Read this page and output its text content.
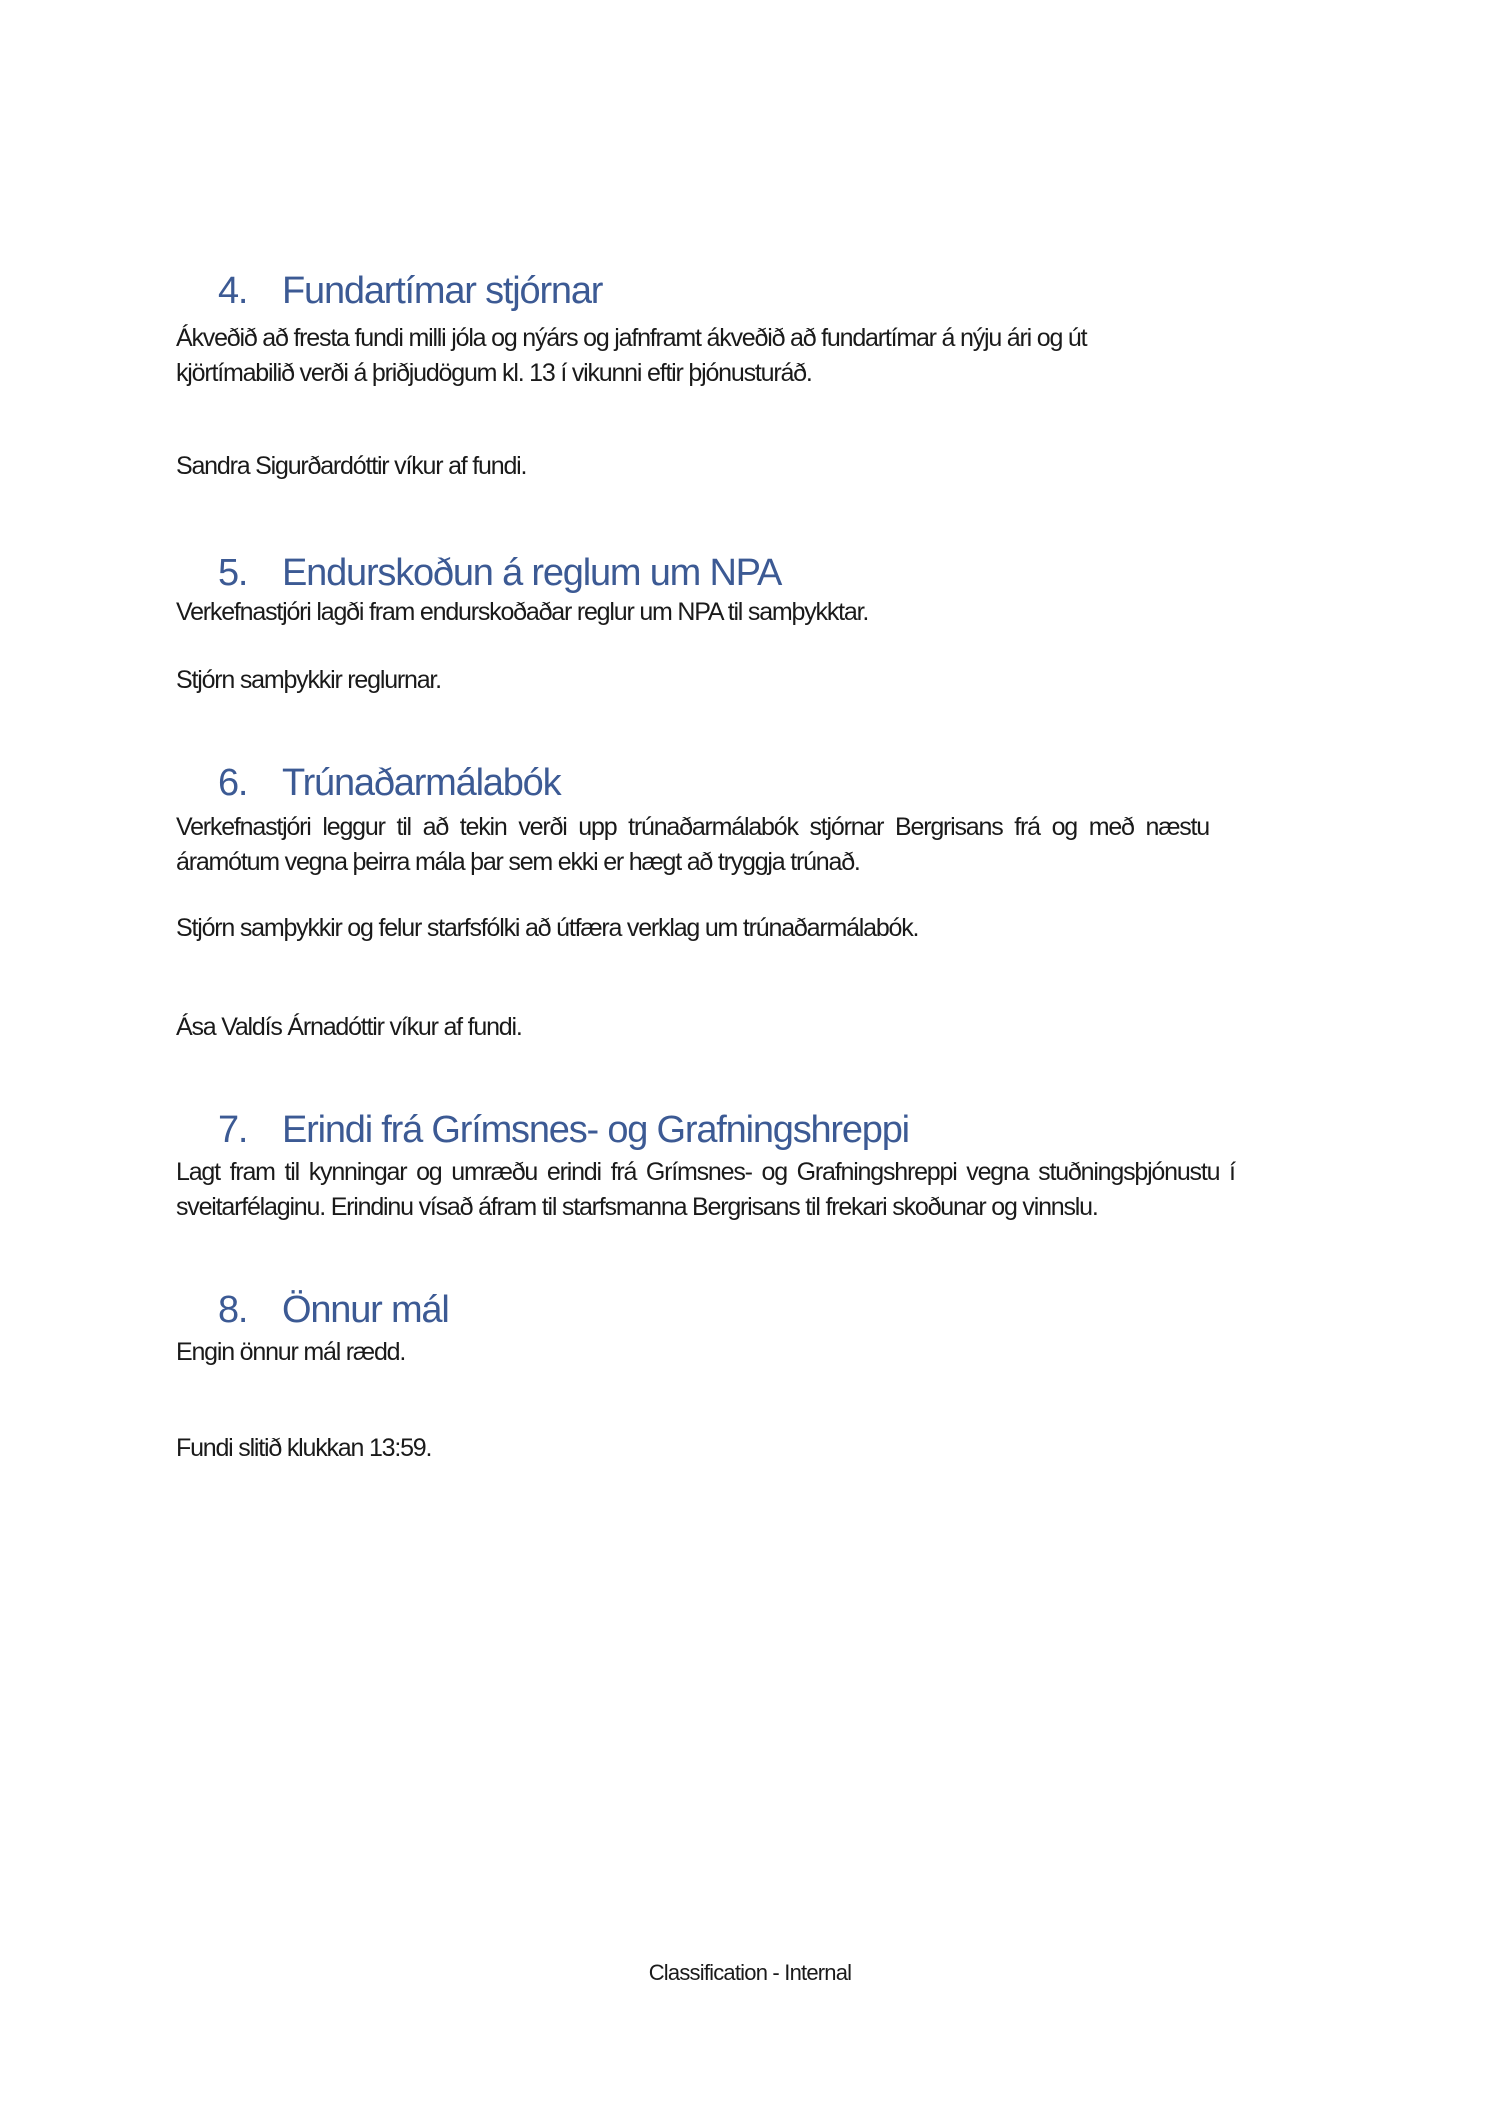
4. Fundartímar stjórnar
Ákveðið að fresta fundi milli jóla og nýárs og jafnframt ákveðið að fundartímar á nýju ári og út
kjörtímabilið verði á þriðjudögum kl. 13 í vikunni eftir þjónusturáð.
Sandra Sigurðardóttir víkur af fundi.
5. Endurskoðun á reglum um NPA
Verkefnastjóri lagði fram endurskoðaðar reglur um NPA til samþykktar.
Stjórn samþykkir reglurnar.
6. Trúnaðarmálabók
Verkefnastjóri leggur til að tekin verði upp trúnaðarmálabók stjórnar Bergrisans frá og með næstu
áramótum vegna þeirra mála þar sem ekki er hægt að tryggja trúnað.
Stjórn samþykkir og felur starfsfólki að útfæra verklag um trúnaðarmálabók.
Ása Valdís Árnadóttir víkur af fundi.
7. Erindi frá Grímsnes- og Grafningshreppi
Lagt fram til kynningar og umræðu erindi frá Grímsnes- og Grafningshreppi vegna stuðningsþjónustu í
sveitarfélaginu. Erindinu vísað áfram til starfsmanna Bergrisans til frekari skoðunar og vinnslu.
8. Önnur mál
Engin önnur mál rædd.
Fundi slitið klukkan 13:59.
Classification - Internal
